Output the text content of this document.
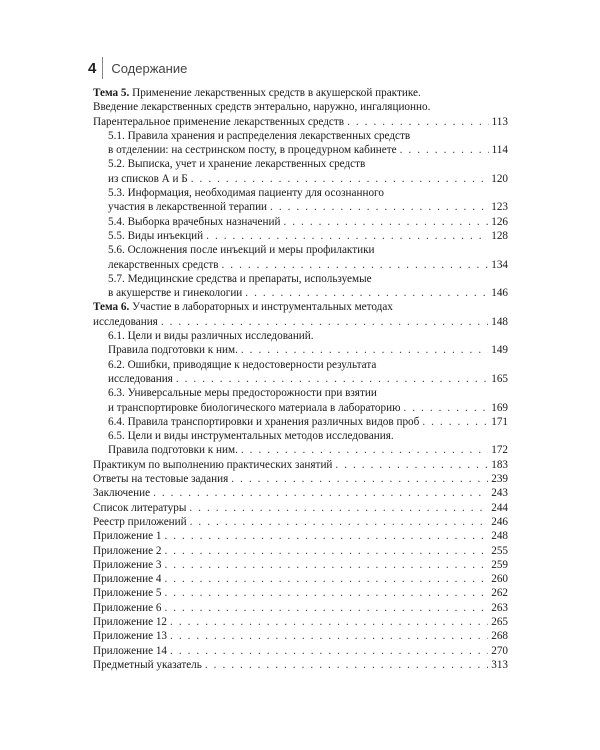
4	Содержание
Тема 5. Применение лекарственных средств в акушерской практике.
Введение лекарственных средств энтерально, наружно, ингаляционно.
Парентеральное применение лекарственных средств . . .	113
5.1. Правила хранения и распределения лекарственных средств
в отделении: на сестринском посту, в процедурном кабинете . . .	114
5.2. Выписка, учет и хранение лекарственных средств
из списков А и Б . . .	120
5.3. Информация, необходимая пациенту для осознанного
участия в лекарственной терапии . . .	123
5.4. Выборка врачебных назначений . . .	126
5.5. Виды инъекций . . .	128
5.6. Осложнения после инъекций и меры профилактики
лекарственных средств . . .	134
5.7. Медицинские средства и препараты, используемые
в акушерстве и гинекологии . . .	146
Тема 6. Участие в лабораторных и инструментальных методах
исследования . . .	148
6.1. Цели и виды различных исследований.
Правила подготовки к ним. . . .	149
6.2. Ошибки, приводящие к недостоверности результата
исследования . . .	165
6.3. Универсальные меры предосторожности при взятии
и транспортировке биологического материала в лабораторию . . .	169
6.4. Правила транспортировки и хранения различных видов проб . . .	171
6.5. Цели и виды инструментальных методов исследования.
Правила подготовки к ним. . . .	172
Практикум по выполнению практических занятий . . .	183
Ответы на тестовые задания . . .	239
Заключение . . .	243
Список литературы . . .	244
Реестр приложений . . .	246
Приложение 1 . . .	248
Приложение 2 . . .	255
Приложение 3 . . .	259
Приложение 4 . . .	260
Приложение 5 . . .	262
Приложение 6 . . .	263
Приложение 12 . . .	265
Приложение 13 . . .	268
Приложение 14 . . .	270
Предметный указатель . . .	313
